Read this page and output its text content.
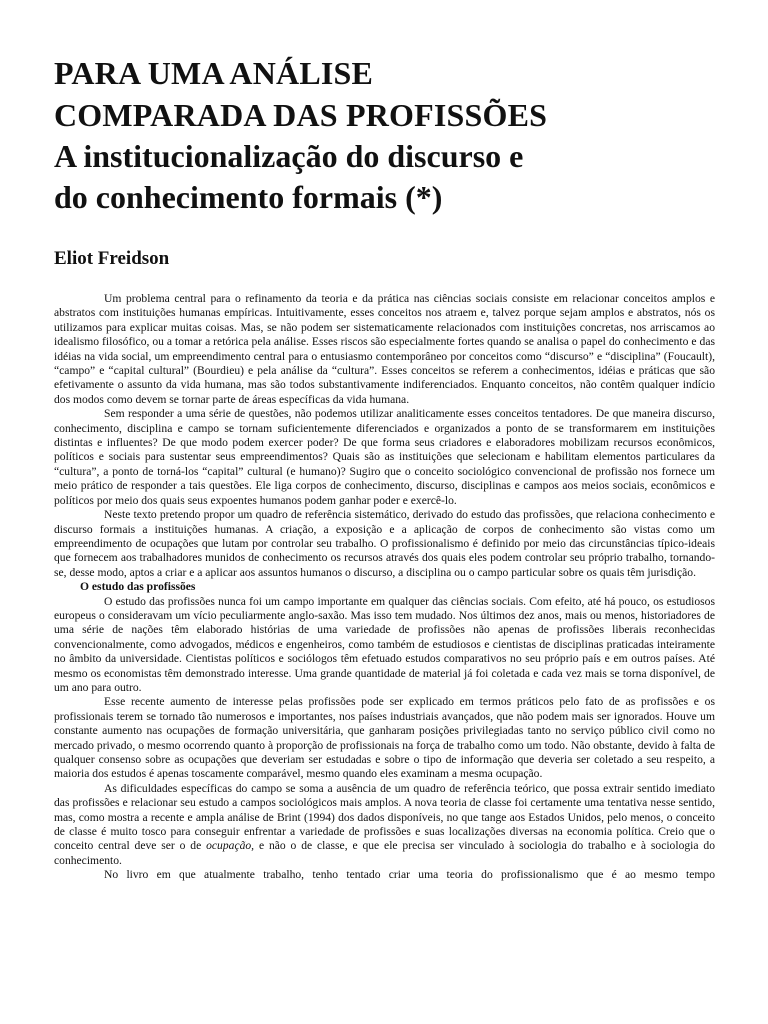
PARA UMA ANÁLISE
COMPARADA DAS PROFISSÕES
A institucionalização do discurso e
do conhecimento formais (*)
Eliot Freidson

Um problema central para o refinamento da teoria e da prática nas ciências sociais consiste em relacionar conceitos amplos e abstratos com instituições humanas empíricas. Intuitivamente, esses conceitos nos atraem e, talvez porque sejam amplos e abstratos, nós os utilizamos para explicar muitas coisas. Mas, se não podem ser sistematicamente relacionados com instituições concretas, nos arriscamos ao idealismo filosófico, ou a tomar a retórica pela análise. Esses riscos são especialmente fortes quando se analisa o papel do conhecimento e das idéias na vida social, um empreendimento central para o entusiasmo contemporâneo por conceitos como “discurso” e “disciplina” (Foucault), “campo” e “capital cultural” (Bourdieu) e pela análise da “cultura”. Esses conceitos se referem a conhecimentos, idéias e práticas que são efetivamente o assunto da vida humana, mas são todos substantivamente indiferenciados. Enquanto conceitos, não contêm qualquer indício dos modos como devem se tornar parte de áreas específicas da vida humana.

Sem responder a uma série de questões, não podemos utilizar analiticamente esses conceitos tentadores. De que maneira discurso, conhecimento, disciplina e campo se tornam suficientemente diferenciados e organizados a ponto de se transformarem em instituições distintas e influentes? De que modo podem exercer poder? De que forma seus criadores e elaboradores mobilizam recursos econômicos, políticos e sociais para sustentar seus empreendimentos? Quais são as instituições que selecionam e habilitam elementos particulares da “cultura”, a ponto de torná-los “capital” cultural (e humano)? Sugiro que o conceito sociológico convencional de profissão nos fornece um meio prático de responder a tais questões. Ele liga corpos de conhecimento, discurso, disciplinas e campos aos meios sociais, econômicos e políticos por meio dos quais seus expoentes humanos podem ganhar poder e exercê-lo.

Neste texto pretendo propor um quadro de referência sistemático, derivado do estudo das profissões, que relaciona conhecimento e discurso formais a instituições humanas. A criação, a exposição e a aplicação de corpos de conhecimento são vistas como um empreendimento de ocupações que lutam por controlar seu trabalho. O profissionalismo é definido por meio das circunstâncias típico-ideais que fornecem aos trabalhadores munidos de conhecimento os recursos através dos quais eles podem controlar seu próprio trabalho, tornando-se, desse modo, aptos a criar e a aplicar aos assuntos humanos o discurso, a disciplina ou o campo particular sobre os quais têm jurisdição.

O estudo das profissões

O estudo das profissões nunca foi um campo importante em qualquer das ciências sociais. Com efeito, até há pouco, os estudiosos europeus o consideravam um vício peculiarmente anglo-saxão. Mas isso tem mudado. Nos últimos dez anos, mais ou menos, historiadores de uma série de nações têm elaborado histórias de uma variedade de profissões não apenas de profissões liberais reconhecidas convencionalmente, como advogados, médicos e engenheiros, como também de estudiosos e cientistas de disciplinas praticadas inteiramente no âmbito da universidade. Cientistas políticos e sociólogos têm efetuado estudos comparativos no seu próprio país e em outros países. Até mesmo os economistas têm demonstrado interesse. Uma grande quantidade de material já foi coletada e cada vez mais se torna disponível, de um ano para outro.

Esse recente aumento de interesse pelas profissões pode ser explicado em termos práticos pelo fato de as profissões e os profissionais terem se tornado tão numerosos e importantes, nos países industriais avançados, que não podem mais ser ignorados. Houve um constante aumento nas ocupações de formação universitária, que ganharam posições privilegiadas tanto no serviço público civil como no mercado privado, o mesmo ocorrendo quanto à proporção de profissionais na força de trabalho como um todo. Não obstante, devido à falta de qualquer consenso sobre as ocupações que deveriam ser estudadas e sobre o tipo de informação que deveria ser coletado a seu respeito, a maioria dos estudos é apenas toscamente comparável, mesmo quando eles examinam a mesma ocupação.

As dificuldades específicas do campo se soma a ausência de um quadro de referência teórico, que possa extrair sentido imediato das profissões e relacionar seu estudo a campos sociológicos mais amplos. A nova teoria de classe foi certamente uma tentativa nesse sentido, mas, como mostra a recente e ampla análise de Brint (1994) dos dados disponíveis, no que tange aos Estados Unidos, pelo menos, o conceito de classe é muito tosco para conseguir enfrentar a variedade de profissões e suas localizações diversas na economia política. Creio que o conceito central deve ser o de ocupação, e não o de classe, e que ele precisa ser vinculado à sociologia do trabalho e à sociologia do conhecimento.

No livro em que atualmente trabalho, tenho tentado criar uma teoria do profissionalismo que é ao mesmo tempo
